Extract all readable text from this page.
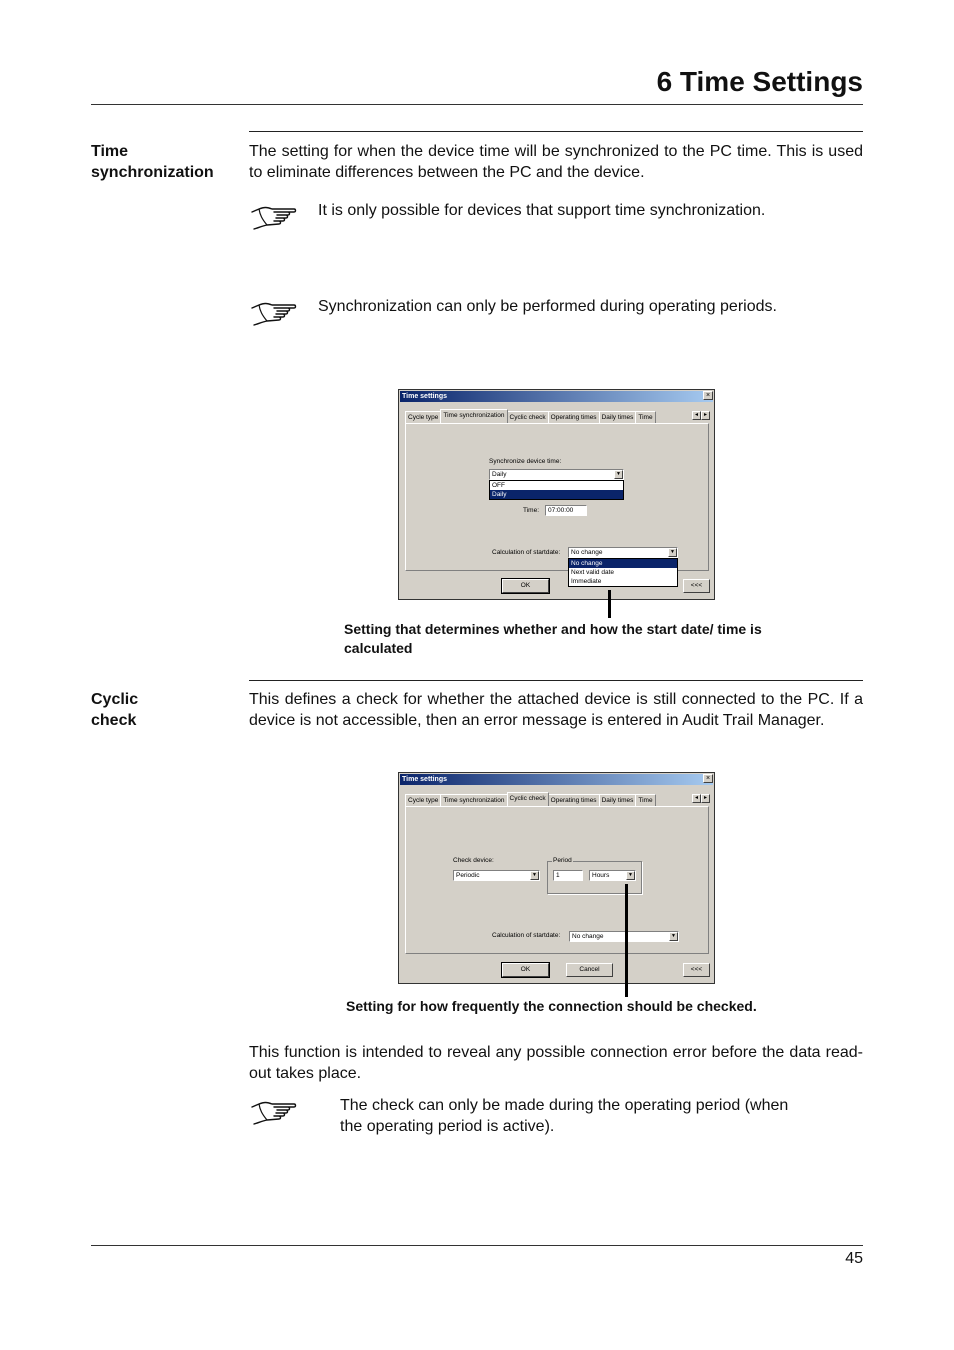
6 Time Settings
Time
synchronization
The setting for when the device time will be synchronized to the PC time. This is used to eliminate differences between the PC and the device.
It is only possible for devices that support time synchronization.
Synchronization can only be performed during operating periods.
Time settings	×
Cycle type Time synchronization Cyclic check Operating times Daily times Time	◂ ▸
Synchronize device time:
Daily	▼
OFF
Daily
Time:	07:00:00
Calculation of startdate:	No change	▼
No change
Next valid date
Immediate
OK	<<<
Setting that determines whether and how the start date/ time is calculated
Cyclic
check
This defines a check for whether the attached device is still connected to the PC. If a device is not accessible, then an error message is entered in Audit Trail Manager.
Time settings	×
Cycle type Time synchronization Cyclic check Operating times Daily times Time	◂ ▸
Check device:
Periodic	▼
Period
1	Hours	▼
Calculation of startdate:	No change	▼
OK	Cancel	<<<
Setting for how frequently the connection should be checked.
This function is intended to reveal any possible connection error before the data read-out takes place.
The check can only be made during the operating period (when the operating period is active).
45
